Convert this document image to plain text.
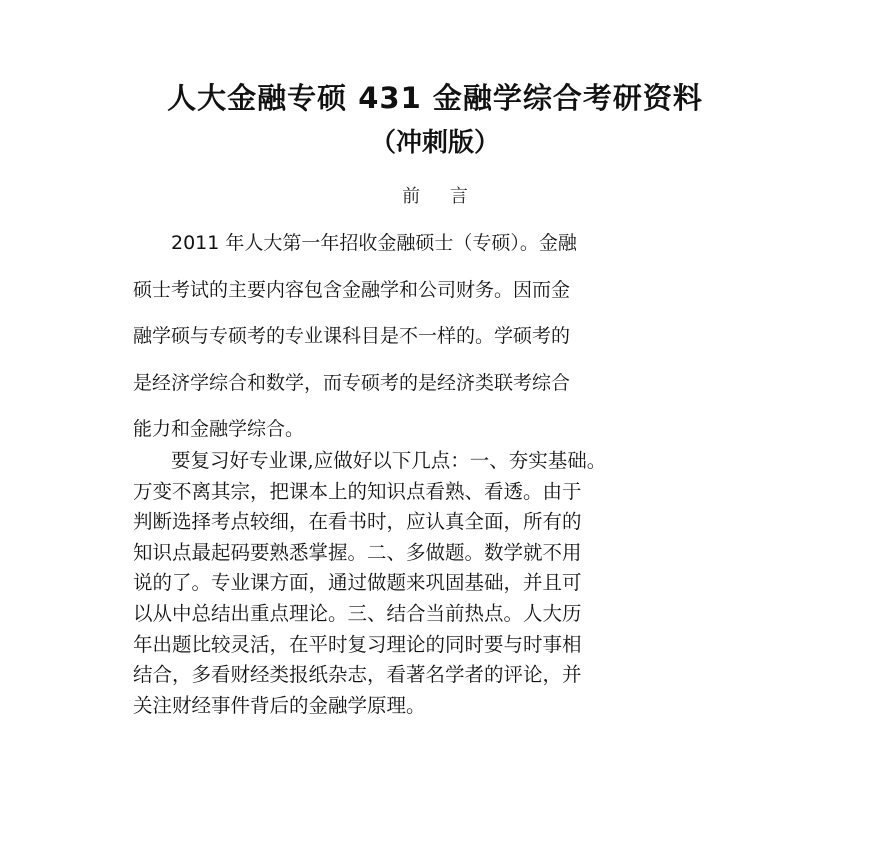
人大金融专硕 431 金融学综合考研资料
（冲刺版）
前 言

2011 年人大第一年招收金融硕士（专硕）。金融
硕士考试的主要内容包含金融学和公司财务。因而金
融学硕与专硕考的专业课科目是不一样的。学硕考的
是经济学综合和数学，而专硕考的是经济类联考综合
能力和金融学综合。

要复习好专业课,应做好以下几点：一、夯实基础。
万变不离其宗，把课本上的知识点看熟、看透。由于
判断选择考点较细，在看书时，应认真全面，所有的
知识点最起码要熟悉掌握。二、多做题。数学就不用
说的了。专业课方面，通过做题来巩固基础，并且可
以从中总结出重点理论。三、结合当前热点。人大历
年出题比较灵活，在平时复习理论的同时要与时事相
结合，多看财经类报纸杂志，看著名学者的评论，并
关注财经事件背后的金融学原理。
